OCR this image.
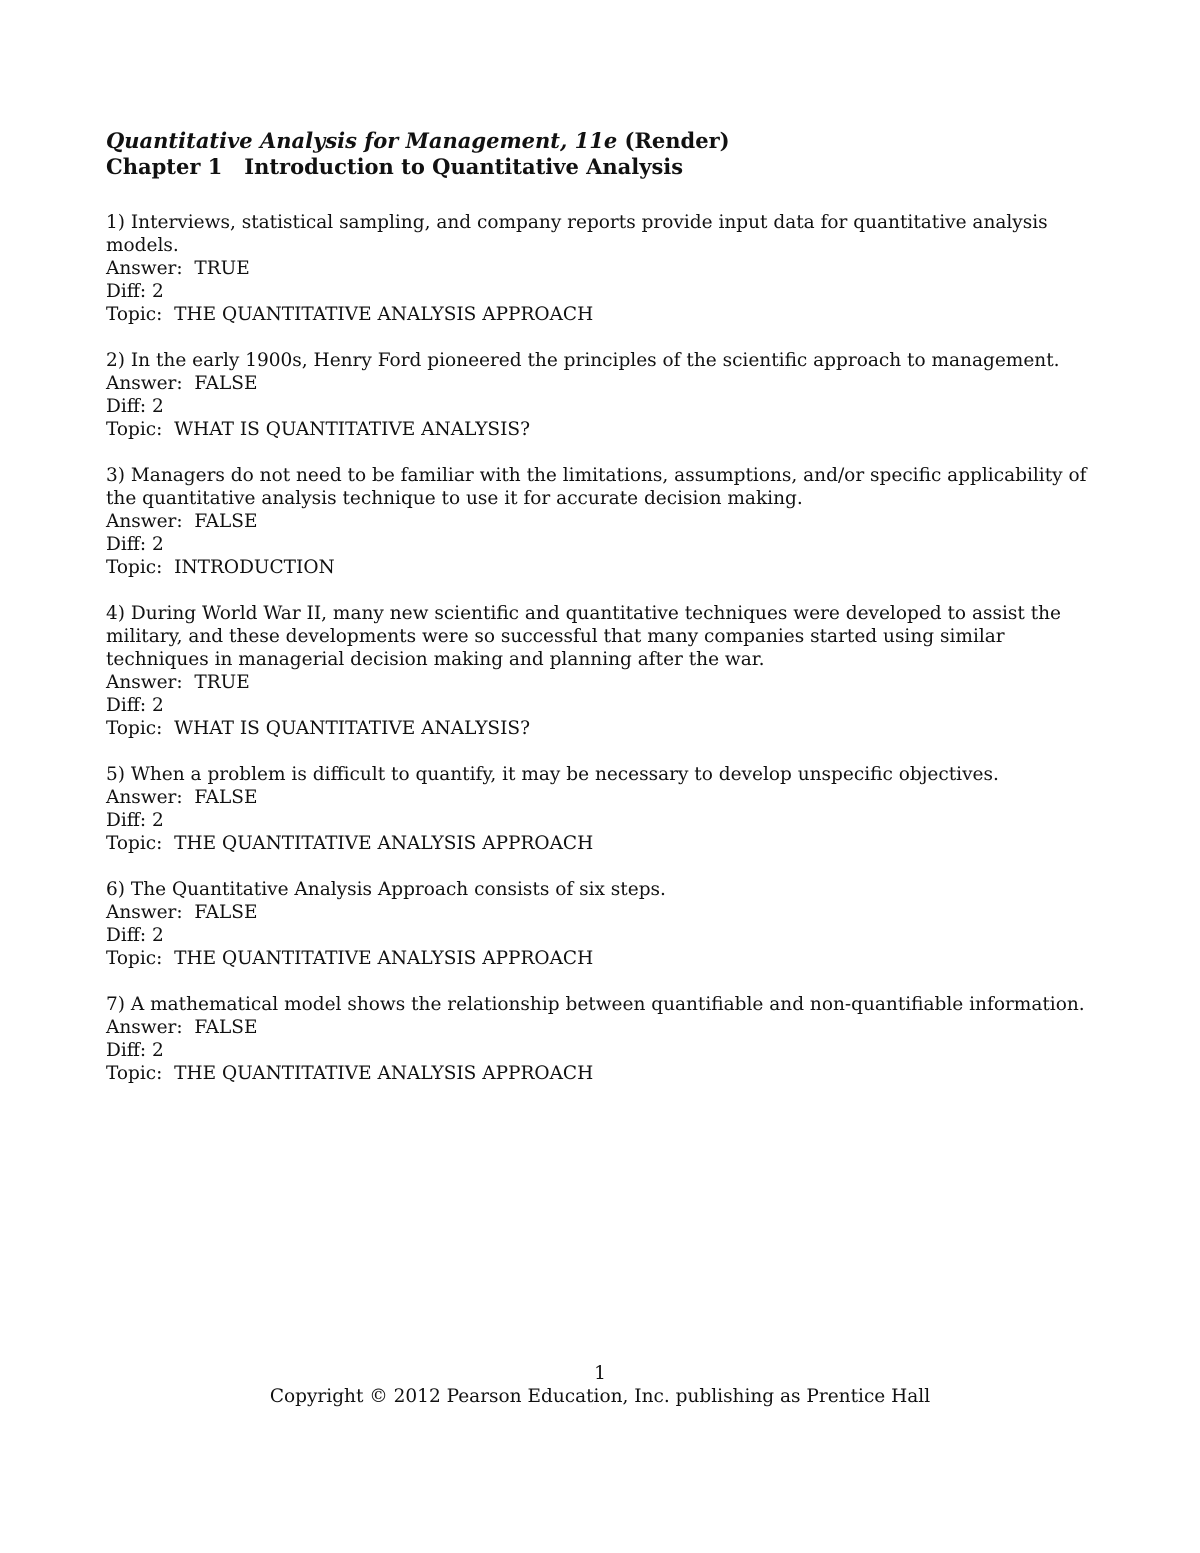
Quantitative Analysis for Management, 11e (Render)
Chapter 1 Introduction to Quantitative Analysis
1) Interviews, statistical sampling, and company reports provide input data for quantitative analysis models.
Answer:  TRUE
Diff: 2
Topic:  THE QUANTITATIVE ANALYSIS APPROACH
2) In the early 1900s, Henry Ford pioneered the principles of the scientific approach to management.
Answer:  FALSE
Diff: 2
Topic:  WHAT IS QUANTITATIVE ANALYSIS?
3) Managers do not need to be familiar with the limitations, assumptions, and/or specific applicability of the quantitative analysis technique to use it for accurate decision making.
Answer:  FALSE
Diff: 2
Topic:  INTRODUCTION
4) During World War II, many new scientific and quantitative techniques were developed to assist the military, and these developments were so successful that many companies started using similar techniques in managerial decision making and planning after the war.
Answer:  TRUE
Diff: 2
Topic:  WHAT IS QUANTITATIVE ANALYSIS?
5) When a problem is difficult to quantify, it may be necessary to develop unspecific objectives.
Answer:  FALSE
Diff: 2
Topic:  THE QUANTITATIVE ANALYSIS APPROACH
6) The Quantitative Analysis Approach consists of six steps.
Answer:  FALSE
Diff: 2
Topic:  THE QUANTITATIVE ANALYSIS APPROACH
7) A mathematical model shows the relationship between quantifiable and non-quantifiable information.
Answer:  FALSE
Diff: 2
Topic:  THE QUANTITATIVE ANALYSIS APPROACH
1
Copyright © 2012 Pearson Education, Inc. publishing as Prentice Hall
